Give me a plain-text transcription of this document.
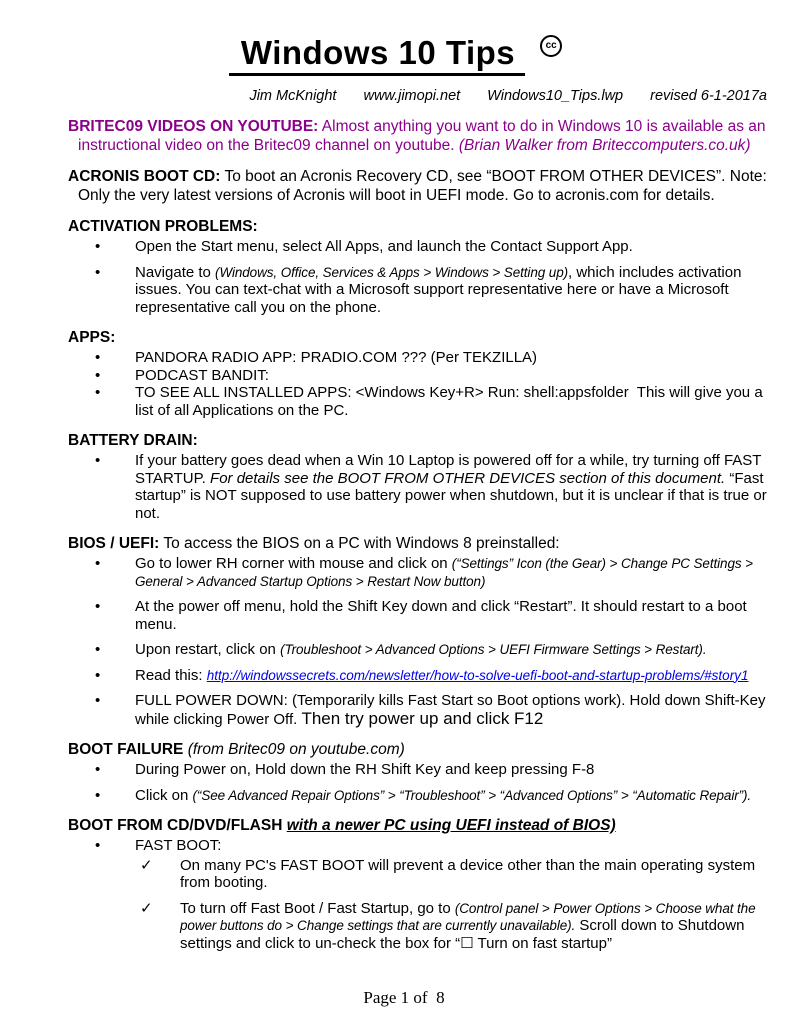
Windows 10 Tips	cc
Jim McKnight www.jimopi.net Windows10_Tips.lwp revised 6-1-2017a

BRITEC09 VIDEOS ON YOUTUBE: Almost anything you want to do in Windows 10 is available as an instructional video on the Britec09 channel on youtube. (Brian Walker from Briteccomputers.co.uk)

ACRONIS BOOT CD: To boot an Acronis Recovery CD, see “BOOT FROM OTHER DEVICES”. Note: Only the very latest versions of Acronis will boot in UEFI mode. Go to acronis.com for details.

ACTIVATION PROBLEMS:

•	Open the Start menu, select All Apps, and launch the Contact Support App.
•	Navigate to (Windows, Office, Services & Apps > Windows > Setting up), which includes activation issues. You can text-chat with a Microsoft support representative here or have a Microsoft representative call you on the phone.

APPS:

•	PANDORA RADIO APP: PRADIO.COM ??? (Per TEKZILLA)
•	PODCAST BANDIT:
•	TO SEE ALL INSTALLED APPS: <Windows Key+R> Run: shell:appsfolder  This will give you a list of all Applications on the PC.

BATTERY DRAIN:

•	If your battery goes dead when a Win 10 Laptop is powered off for a while, try turning off FAST STARTUP. For details see the BOOT FROM OTHER DEVICES section of this document. “Fast startup” is NOT supposed to use battery power when shutdown, but it is unclear if that is true or not.

BIOS / UEFI: To access the BIOS on a PC with Windows 8 preinstalled:

•	Go to lower RH corner with mouse and click on (“Settings” Icon (the Gear) > Change PC Settings > General > Advanced Startup Options > Restart Now button)
•	At the power off menu, hold the Shift Key down and click “Restart”. It should restart to a boot menu.
•	Upon restart, click on (Troubleshoot > Advanced Options > UEFI Firmware Settings > Restart).
•	Read this: http://windowssecrets.com/newsletter/how-to-solve-uefi-boot-and-startup-problems/#story1
•	FULL POWER DOWN: (Temporarily kills Fast Start so Boot options work). Hold down Shift-Key while clicking Power Off. Then try power up and click F12

BOOT FAILURE (from Britec09 on youtube.com)

•	During Power on, Hold down the RH Shift Key and keep pressing F-8
•	Click on (“See Advanced Repair Options” > “Troubleshoot” > “Advanced Options” > “Automatic Repair”).

BOOT FROM CD/DVD/FLASH with a newer PC using UEFI instead of BIOS)

•	FAST BOOT:
✓	On many PC's FAST BOOT will prevent a device other than the main operating system from booting.
✓	To turn off Fast Boot / Fast Startup, go to (Control panel > Power Options > Choose what the power buttons do > Change settings that are currently unavailable). Scroll down to Shutdown settings and click to un-check the box for “☐ Turn on fast startup”

Page 1 of  8
